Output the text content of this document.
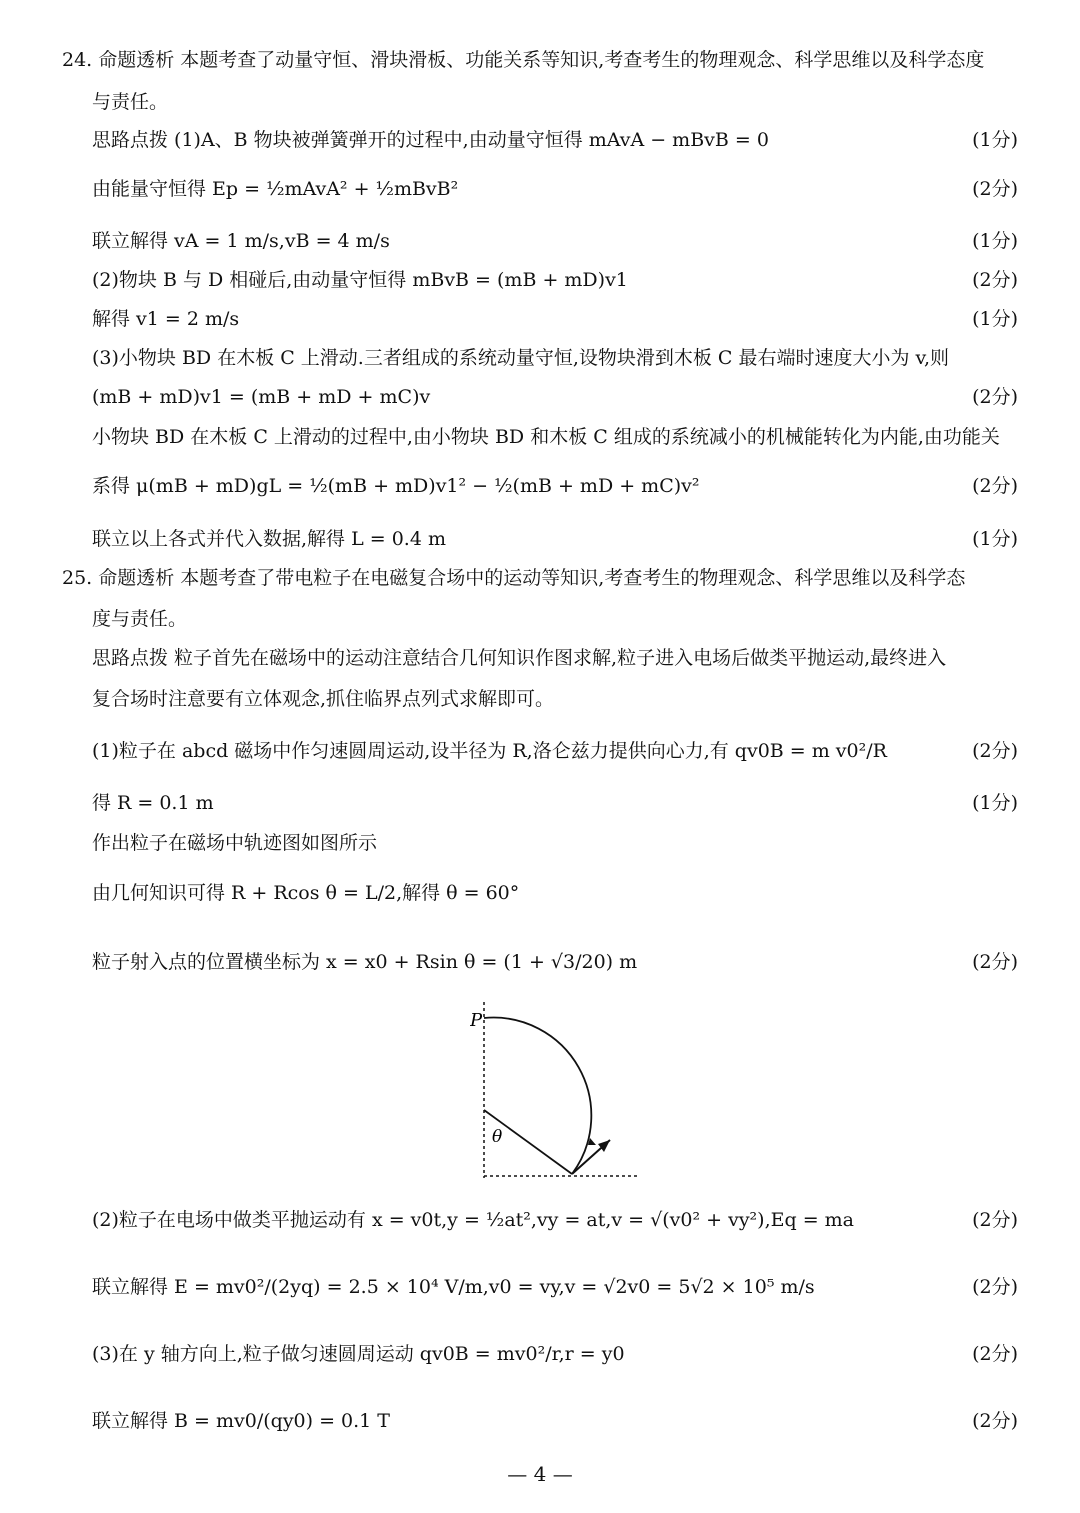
24. 命题透析 本题考查了动量守恒、滑块滑板、功能关系等知识,考查考生的物理观念、科学思维以及科学态度
与责任。
思路点拨 (1)A、B 物块被弹簧弹开的过程中,由动量守恒得 mAvA − mBvB = 0	(1分)
由能量守恒得 Ep = ½mAvA² + ½mBvB²	(2分)
联立解得 vA = 1 m/s,vB = 4 m/s	(1分)
(2)物块 B 与 D 相碰后,由动量守恒得 mBvB = (mB + mD)v1	(2分)
解得 v1 = 2 m/s	(1分)
(3)小物块 BD 在木板 C 上滑动.三者组成的系统动量守恒,设物块滑到木板 C 最右端时速度大小为 v,则
(mB + mD)v1 = (mB + mD + mC)v	(2分)
小物块 BD 在木板 C 上滑动的过程中,由小物块 BD 和木板 C 组成的系统减小的机械能转化为内能,由功能关
系得 μ(mB + mD)gL = ½(mB + mD)v1² − ½(mB + mD + mC)v²	(2分)
联立以上各式并代入数据,解得 L = 0.4 m	(1分)
25. 命题透析 本题考查了带电粒子在电磁复合场中的运动等知识,考查考生的物理观念、科学思维以及科学态
度与责任。
思路点拨 粒子首先在磁场中的运动注意结合几何知识作图求解,粒子进入电场后做类平抛运动,最终进入
复合场时注意要有立体观念,抓住临界点列式求解即可。
(1)粒子在 abcd 磁场中作匀速圆周运动,设半径为 R,洛仑兹力提供向心力,有 qv0B = m v0²/R	(2分)
得 R = 0.1 m	(1分)
作出粒子在磁场中轨迹图如图所示
由几何知识可得 R + Rcos θ = L/2,解得 θ = 60°
粒子射入点的位置横坐标为 x = x0 + Rsin θ = (1 + √3/20) m	(2分)
P
θ
(2)粒子在电场中做类平抛运动有 x = v0t,y = ½at²,vy = at,v = √(v0² + vy²),Eq = ma	(2分)
联立解得 E = mv0²/(2yq) = 2.5 × 10⁴ V/m,v0 = vy,v = √2v0 = 5√2 × 10⁵ m/s	(2分)
(3)在 y 轴方向上,粒子做匀速圆周运动 qv0B = mv0²/r,r = y0	(2分)
联立解得 B = mv0/(qy0) = 0.1 T	(2分)
— 4 —
